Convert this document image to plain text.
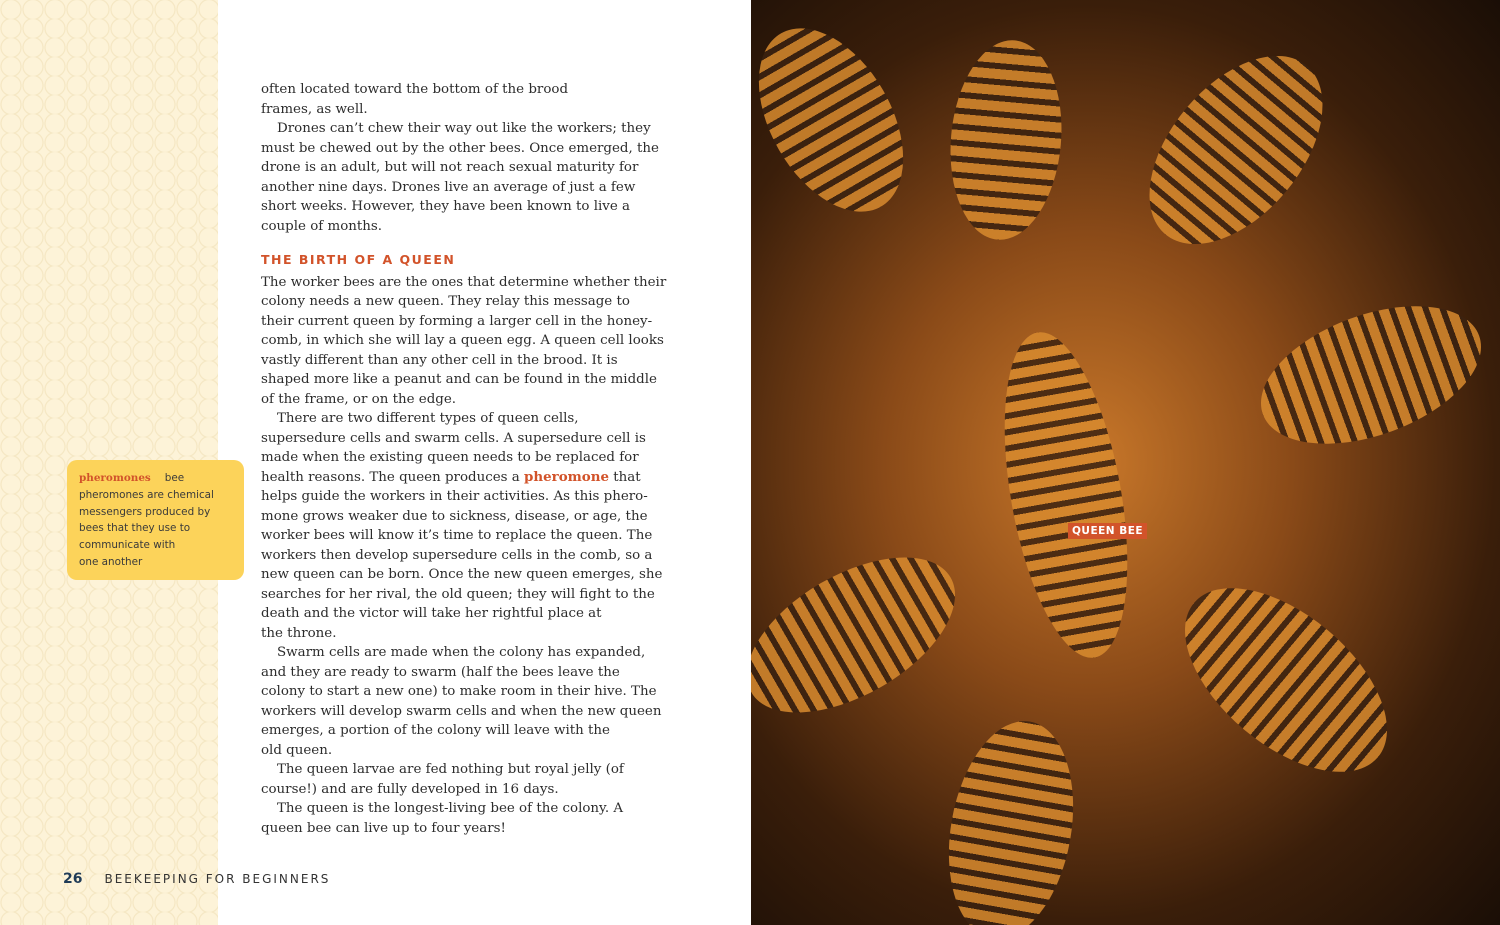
often located toward the bottom of the brood
frames, as well.
Drones can’t chew their way out like the workers; they
must be chewed out by the other bees. Once emerged, the
drone is an adult, but will not reach sexual maturity for
another nine days. Drones live an average of just a few
short weeks. However, they have been known to live a
couple of months.
THE BIRTH OF A QUEEN
The worker bees are the ones that determine whether their
colony needs a new queen. They relay this message to
their current queen by forming a larger cell in the honey-
comb, in which she will lay a queen egg. A queen cell looks
vastly different than any other cell in the brood. It is
shaped more like a peanut and can be found in the middle
of the frame, or on the edge.
There are two different types of queen cells,
supersedure cells and swarm cells. A supersedure cell is
made when the existing queen needs to be replaced for
health reasons. The queen produces a pheromone that
helps guide the workers in their activities. As this phero-
mone grows weaker due to sickness, disease, or age, the
worker bees will know it’s time to replace the queen. The
workers then develop supersedure cells in the comb, so a
new queen can be born. Once the new queen emerges, she
searches for her rival, the old queen; they will fight to the
death and the victor will take her rightful place at
the throne.
Swarm cells are made when the colony has expanded,
and they are ready to swarm (half the bees leave the
colony to start a new one) to make room in their hive. The
workers will develop swarm cells and when the new queen
emerges, a portion of the colony will leave with the
old queen.
The queen larvae are fed nothing but royal jelly (of
course!) and are fully developed in 16 days.
The queen is the longest-living bee of the colony. A
queen bee can live up to four years!
pheromones bee
pheromones are chemical
messengers produced by
bees that they use to
communicate with
one another
26 BEEKEEPING FOR BEGINNERS
QUEEN BEE
